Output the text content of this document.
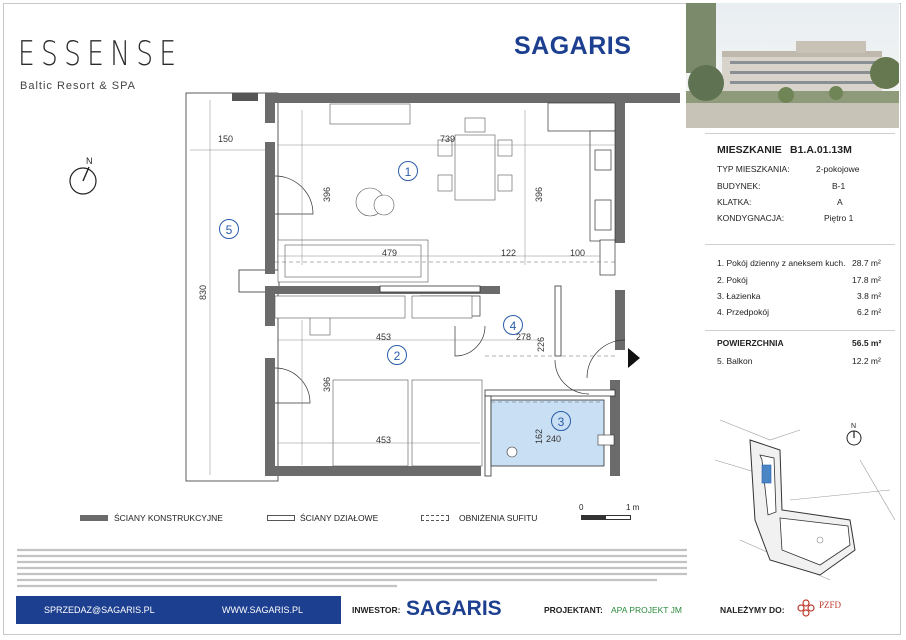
ESSENSE
Baltic Resort & SPA
SAGARIS
MIESZKANIE B1.A.01.13M
TYP MIESZKANIA:	2-pokojowe
BUDYNEK:	B-1
KLATKA:	A
KONDYGNACJA:	Piętro 1
1. Pokój dzienny z aneksem kuch. 28.7 m²
2. Pokój	17.8 m²
3. Łazienka	3.8 m²
4. Przedpokój	6.2 m²
POWIERZCHNIA	56.5 m²
5. Balkon	12.2 m²
N
150	739
479	122	100
453	278
453	240
396	396
830
396
226
162
1
2
3
4
5
N
ŚCIANY KONSTRUKCYJNE	ŚCIANY DZIAŁOWE	OBNIŻENIA SUFITU
0	1 m
SPRZEDAZ@SAGARIS.PL	WWW.SAGARIS.PL	INWESTOR: SAGARIS	PROJEKTANT: APA PROJEKT JM	NALEŻYMY DO:	PZFD
